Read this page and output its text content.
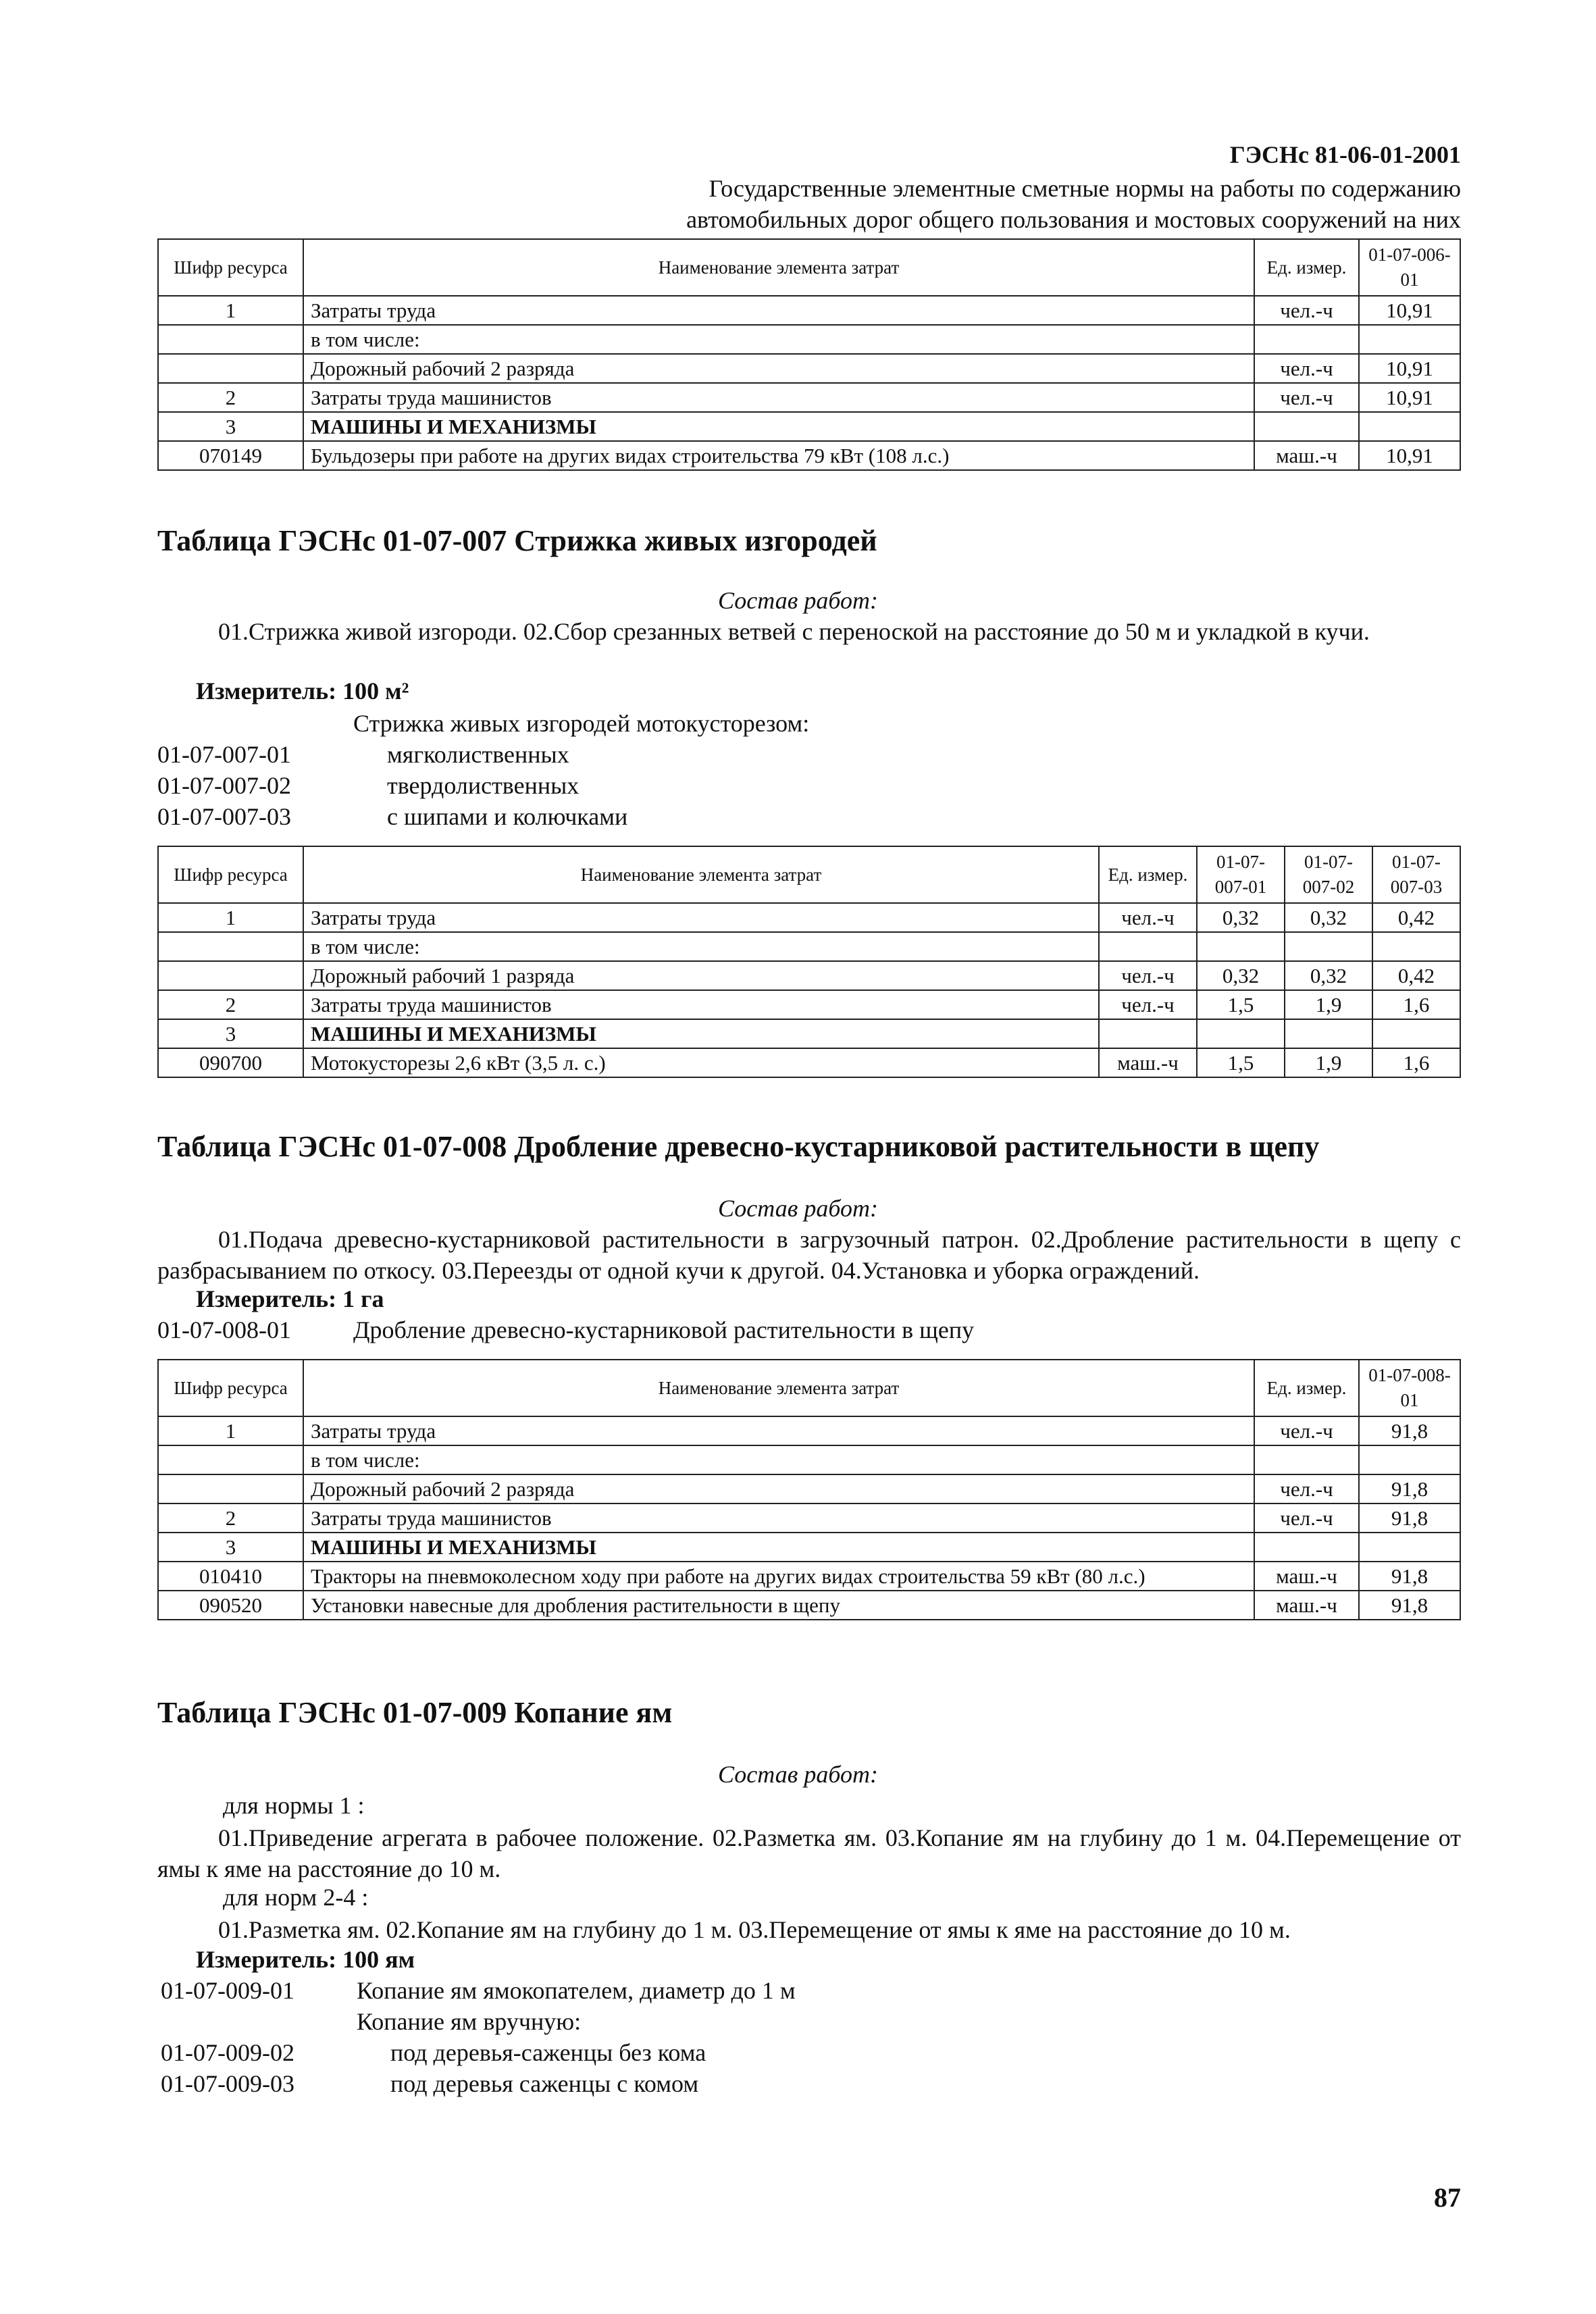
ГЭСНс 81-06-01-2001
Государственные элементные сметные нормы на работы по содержанию
автомобильных дорог общего пользования и мостовых сооружений на них
Шифр ресурса	Наименование элемента затрат	Ед. измер.	01-07-006-01
1	Затраты труда	чел.-ч	10,91
	в том числе:		
	Дорожный рабочий 2 разряда	чел.-ч	10,91
2	Затраты труда машинистов	чел.-ч	10,91
3	МАШИНЫ И МЕХАНИЗМЫ		
070149	Бульдозеры при работе на других видах строительства 79 кВт (108 л.с.)	маш.-ч	10,91
Таблица ГЭСНс 01-07-007 Стрижка живых изгородей
Состав работ:
01.Стрижка живой изгороди. 02.Сбор срезанных ветвей с переноской на расстояние до 50 м и укладкой в кучи.
Измеритель: 100 м²
Стрижка живых изгородей мотокусторезом:
01-07-007-01	мягколиственных
01-07-007-02	твердолиственных
01-07-007-03	с шипами и колючками
Шифр ресурса	Наименование элемента затрат	Ед. измер.	01-07-007-01	01-07-007-02	01-07-007-03
1	Затраты труда	чел.-ч	0,32	0,32	0,42
	в том числе:				
	Дорожный рабочий 1 разряда	чел.-ч	0,32	0,32	0,42
2	Затраты труда машинистов	чел.-ч	1,5	1,9	1,6
3	МАШИНЫ И МЕХАНИЗМЫ				
090700	Мотокусторезы 2,6 кВт (3,5 л. с.)	маш.-ч	1,5	1,9	1,6
Таблица ГЭСНс 01-07-008 Дробление древесно-кустарниковой растительности в щепу
Состав работ:
01.Подача древесно-кустарниковой растительности в загрузочный патрон. 02.Дробление растительности в щепу с разбрасыванием по откосу. 03.Переезды от одной кучи к другой. 04.Установка и уборка ограждений.
Измеритель: 1 га
01-07-008-01	Дробление древесно-кустарниковой растительности в щепу
Шифр ресурса	Наименование элемента затрат	Ед. измер.	01-07-008-01
1	Затраты труда	чел.-ч	91,8
	в том числе:		
	Дорожный рабочий 2 разряда	чел.-ч	91,8
2	Затраты труда машинистов	чел.-ч	91,8
3	МАШИНЫ И МЕХАНИЗМЫ		
010410	Тракторы на пневмоколесном ходу при работе на других видах строительства 59 кВт (80 л.с.)	маш.-ч	91,8
090520	Установки навесные для дробления растительности в щепу	маш.-ч	91,8
Таблица ГЭСНс 01-07-009 Копание ям
Состав работ:
для нормы 1 :
01.Приведение агрегата в рабочее положение. 02.Разметка ям. 03.Копание ям на глубину до 1 м. 04.Перемещение от ямы к яме на расстояние до 10 м.
для норм 2-4 :
01.Разметка ям. 02.Копание ям на глубину до 1 м. 03.Перемещение от ямы к яме на расстояние до 10 м.
Измеритель: 100 ям
01-07-009-01	Копание ям ямокопателем, диаметр до 1 м
Копание ям вручную:
01-07-009-02	под деревья-саженцы без кома
01-07-009-03	под деревья саженцы с комом
87
